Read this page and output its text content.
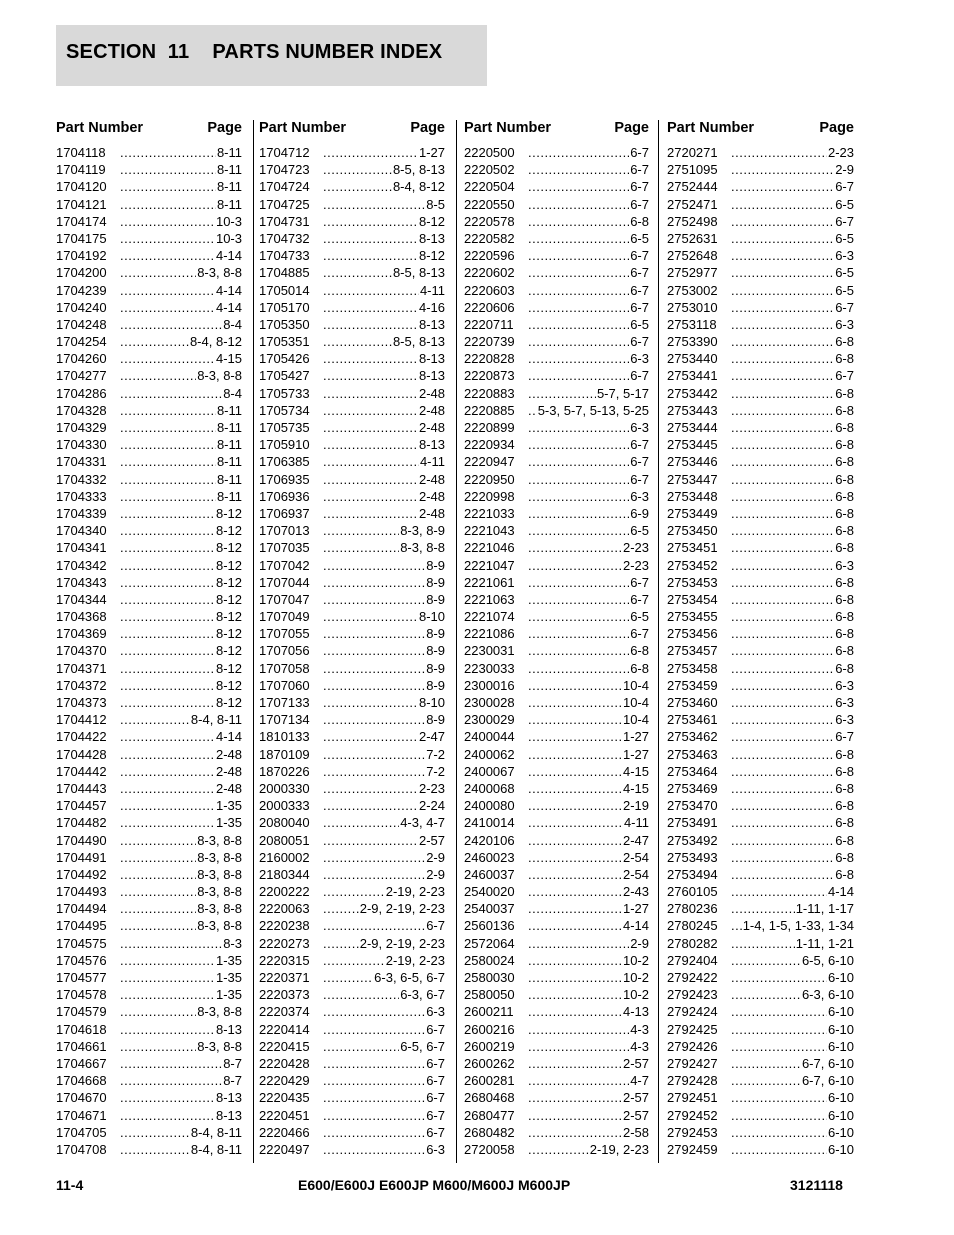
SECTION  11    PARTS NUMBER INDEX
Part Number	Page
1704118 .....	8-11
1704119 .....	8-11
1704120 .....	8-11
1704121 .....	8-11
1704174 .....	10-3
1704175 .....	10-3
1704192 .....	4-14
1704200 .....	8-3, 8-8
1704239 .....	4-14
1704240 .....	4-14
1704248 .....	8-4
1704254 .....	8-4, 8-12
1704260 .....	4-15
1704277 .....	8-3, 8-8
1704286 .....	8-4
1704328 .....	8-11
1704329 .....	8-11
1704330 .....	8-11
1704331 .....	8-11
1704332 .....	8-11
1704333 .....	8-11
1704339 .....	8-12
1704340 .....	8-12
1704341 .....	8-12
1704342 .....	8-12
1704343 .....	8-12
1704344 .....	8-12
1704368 .....	8-12
1704369 .....	8-12
1704370 .....	8-12
1704371 .....	8-12
1704372 .....	8-12
1704373 .....	8-12
1704412 .....	8-4, 8-11
1704422 .....	4-14
1704428 .....	2-48
1704442 .....	2-48
1704443 .....	2-48
1704457 .....	1-35
1704482 .....	1-35
1704490 .....	8-3, 8-8
1704491 .....	8-3, 8-8
1704492 .....	8-3, 8-8
1704493 .....	8-3, 8-8
1704494 .....	8-3, 8-8
1704495 .....	8-3, 8-8
1704575 .....	8-3
1704576 .....	1-35
1704577 .....	1-35
1704578 .....	1-35
1704579 .....	8-3, 8-8
1704618 .....	8-13
1704661 .....	8-3, 8-8
1704667 .....	8-7
1704668 .....	8-7
1704670 .....	8-13
1704671 .....	8-13
1704705 .....	8-4, 8-11
1704708 .....	8-4, 8-11
Part Number	Page
1704712 .....	1-27
1704723 .....	8-5, 8-13
1704724 .....	8-4, 8-12
1704725 .....	8-5
1704731 .....	8-12
1704732 .....	8-13
1704733 .....	8-12
1704885 .....	8-5, 8-13
1705014 .....	4-11
1705170 .....	4-16
1705350 .....	8-13
1705351 .....	8-5, 8-13
1705426 .....	8-13
1705427 .....	8-13
1705733 .....	2-48
1705734 .....	2-48
1705735 .....	2-48
1705910 .....	8-13
1706385 .....	4-11
1706935 .....	2-48
1706936 .....	2-48
1706937 .....	2-48
1707013 .....	8-3, 8-9
1707035 .....	8-3, 8-8
1707042 .....	8-9
1707044 .....	8-9
1707047 .....	8-9
1707049 .....	8-10
1707055 .....	8-9
1707056 .....	8-9
1707058 .....	8-9
1707060 .....	8-9
1707133 .....	8-10
1707134 .....	8-9
1810133 .....	2-47
1870109 .....	7-2
1870226 .....	7-2
2000330 .....	2-23
2000333 .....	2-24
2080040 .....	4-3, 4-7
2080051 .....	2-57
2160002 .....	2-9
2180344 .....	2-9
2200222 .....	2-19, 2-23
2220063 .....	2-9, 2-19, 2-23
2220238 .....	6-7
2220273 .....	2-9, 2-19, 2-23
2220315 .....	2-19, 2-23
2220371 .....	6-3, 6-5, 6-7
2220373 .....	6-3, 6-7
2220374 .....	6-3
2220414 .....	6-7
2220415 .....	6-5, 6-7
2220428 .....	6-7
2220429 .....	6-7
2220435 .....	6-7
2220451 .....	6-7
2220466 .....	6-7
2220497 .....	6-3
Part Number	Page
2220500 .....	6-7
2220502 .....	6-7
2220504 .....	6-7
2220550 .....	6-7
2220578 .....	6-8
2220582 .....	6-5
2220596 .....	6-7
2220602 .....	6-7
2220603 .....	6-7
2220606 .....	6-7
2220711 .....	6-5
2220739 .....	6-7
2220828 .....	6-3
2220873 .....	6-7
2220883 .....	5-7, 5-17
2220885 ..... 5-3, 5-7, 5-13, 5-25
2220899 .....	6-3
2220934 .....	6-7
2220947 .....	6-7
2220950 .....	6-7
2220998 .....	6-3
2221033 .....	6-9
2221043 .....	6-5
2221046 .....	2-23
2221047 .....	2-23
2221061 .....	6-7
2221063 .....	6-7
2221074 .....	6-5
2221086 .....	6-7
2230031 .....	6-8
2230033 .....	6-8
2300016 .....	10-4
2300028 .....	10-4
2300029 .....	10-4
2400044 .....	1-27
2400062 .....	1-27
2400067 .....	4-15
2400068 .....	4-15
2400080 .....	2-19
2410014 .....	4-11
2420106 .....	2-47
2460023 .....	2-54
2460037 .....	2-54
2540020 .....	2-43
2540037 .....	1-27
2560136 .....	4-14
2572064 .....	2-9
2580024 .....	10-2
2580030 .....	10-2
2580050 .....	10-2
2600211 .....	4-13
2600216 .....	4-3
2600219 .....	4-3
2600262 .....	2-57
2600281 .....	4-7
2680468 .....	2-57
2680477 .....	2-57
2680482 .....	2-58
2720058 .....	2-19, 2-23
Part Number	Page
2720271 .....	2-23
2751095 .....	2-9
2752444 .....	6-7
2752471 .....	6-5
2752498 .....	6-7
2752631 .....	6-5
2752648 .....	6-3
2752977 .....	6-5
2753002 .....	6-5
2753010 .....	6-7
2753118 .....	6-3
2753390 .....	6-8
2753440 .....	6-8
2753441 .....	6-7
2753442 .....	6-8
2753443 .....	6-8
2753444 .....	6-8
2753445 .....	6-8
2753446 .....	6-8
2753447 .....	6-8
2753448 .....	6-8
2753449 .....	6-8
2753450 .....	6-8
2753451 .....	6-8
2753452 .....	6-3
2753453 .....	6-8
2753454 .....	6-8
2753455 .....	6-8
2753456 .....	6-8
2753457 .....	6-8
2753458 .....	6-8
2753459 .....	6-3
2753460 .....	6-3
2753461 .....	6-3
2753462 .....	6-7
2753463 .....	6-8
2753464 .....	6-8
2753469 .....	6-8
2753470 .....	6-8
2753491 .....	6-8
2753492 .....	6-8
2753493 .....	6-8
2753494 .....	6-8
2760105 .....	4-14
2780236 .....	1-11, 1-17
2780245 ..... 1-4, 1-5, 1-33, 1-34
2780282 .....	1-11, 1-21
2792404 .....	6-5, 6-10
2792422 .....	6-10
2792423 .....	6-3, 6-10
2792424 .....	6-10
2792425 .....	6-10
2792426 .....	6-10
2792427 .....	6-7, 6-10
2792428 .....	6-7, 6-10
2792451 .....	6-10
2792452 .....	6-10
2792453 .....	6-10
2792459 .....	6-10
11-4	E600/E600J E600JP M600/M600J M600JP	3121118
